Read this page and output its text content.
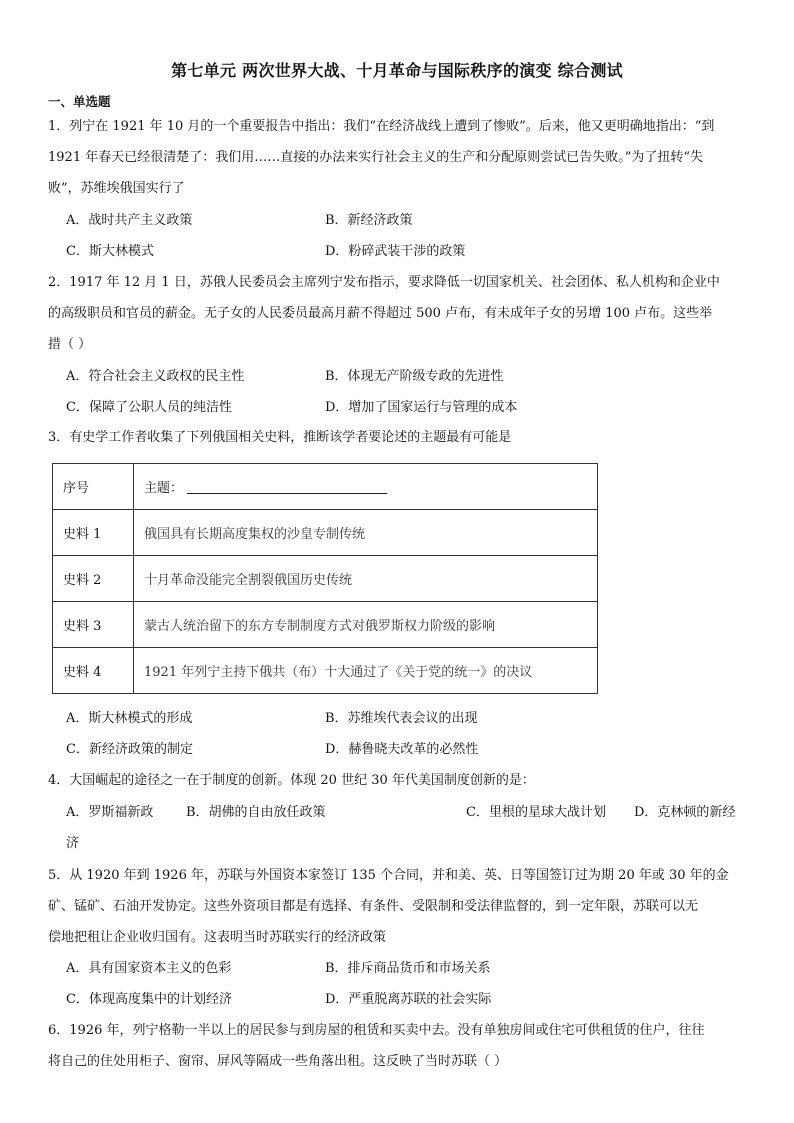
第七单元 两次世界大战、十月革命与国际秩序的演变 综合测试
一、单选题
1．列宁在 1921 年 10 月的一个重要报告中指出：我们“在经济战线上遭到了惨败”。后来，他又更明确地指出：“到
1921 年春天已经很清楚了：我们用……直接的办法来实行社会主义的生产和分配原则尝试已告失败。”为了扭转“失
败”，苏维埃俄国实行了
A．战时共产主义政策	B．新经济政策
C．斯大林模式	D．粉碎武装干涉的政策
2．1917 年 12 月 1 日，苏俄人民委员会主席列宁发布指示，要求降低一切国家机关、社会团体、私人机构和企业中
的高级职员和官员的薪金。无子女的人民委员最高月薪不得超过 500 卢布，有未成年子女的另增 100 卢布。这些举
措（ ）
A．符合社会主义政权的民主性	B．体现无产阶级专政的先进性
C．保障了公职人员的纯洁性	D．增加了国家运行与管理的成本
3．有史学工作者收集了下列俄国相关史料，推断该学者要论述的主题最有可能是
序号	主题：
史料 1	俄国具有长期高度集权的沙皇专制传统
史料 2	十月革命没能完全割裂俄国历史传统
史料 3	蒙古人统治留下的东方专制制度方式对俄罗斯权力阶级的影响
史料 4	1921 年列宁主持下俄共（布）十大通过了《关于党的统一》的决议
A．斯大林模式的形成	B．苏维埃代表会议的出现
C．新经济政策的制定	D．赫鲁晓夫改革的必然性
4．大国崛起的途径之一在于制度的创新。体现 20 世纪 30 年代美国制度创新的是：
A．罗斯福新政	B．胡佛的自由放任政策	C．里根的星球大战计划 D．克林顿的新经
济
5．从 1920 年到 1926 年，苏联与外国资本家签订 135 个合同，并和美、英、日等国签订过为期 20 年或 30 年的金
矿、锰矿、石油开发协定。这些外资项目都是有选择、有条件、受限制和受法律监督的，到一定年限，苏联可以无
偿地把租让企业收归国有。这表明当时苏联实行的经济政策
A．具有国家资本主义的色彩	B．排斥商品货币和市场关系
C．体现高度集中的计划经济	D．严重脱离苏联的社会实际
6．1926 年，列宁格勒一半以上的居民参与到房屋的租赁和买卖中去。没有单独房间或住宅可供租赁的住户，往往
将自己的住处用柜子、窗帘、屏风等隔成一些角落出租。这反映了当时苏联（ ）
